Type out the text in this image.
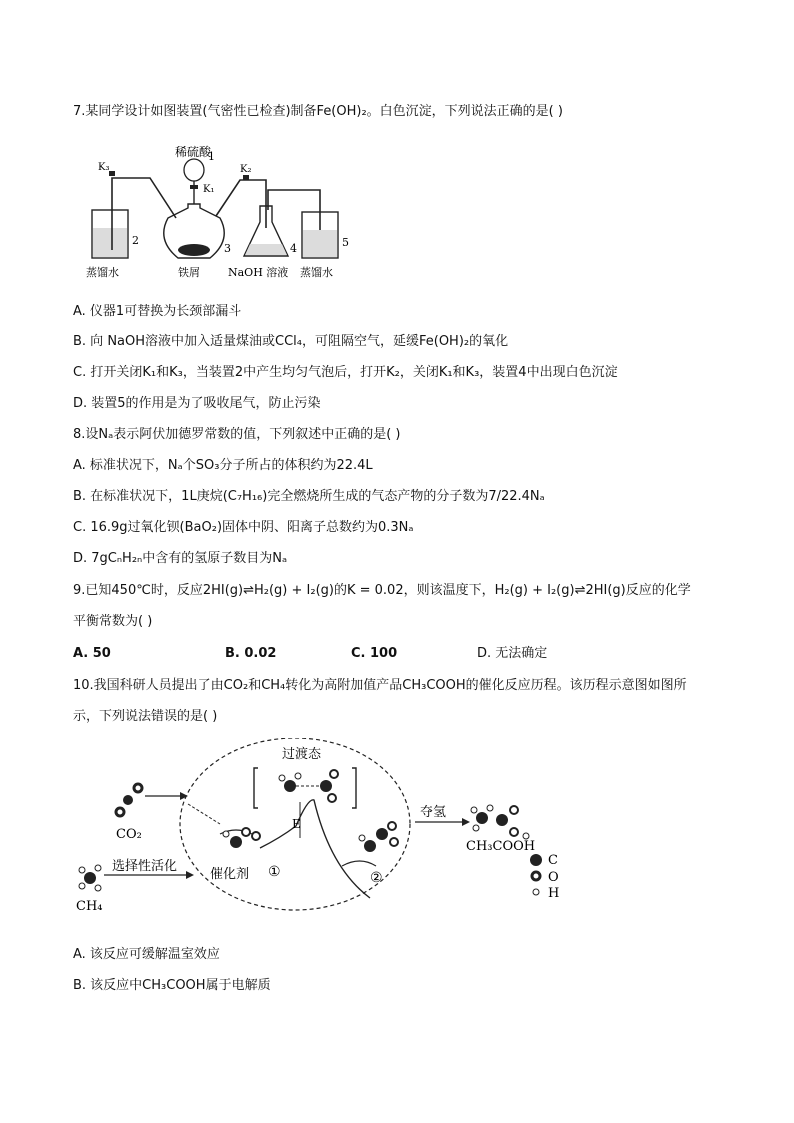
7.某同学设计如图装置(气密性已检查)制备Fe(OH)₂。白色沉淀，下列说法正确的是( )
稀硫酸
1
K₁
K₃	K₂
2
3	4	5
蒸馏水	铁屑	NaOH 溶液 蒸馏水
A. 仪器1可替换为长颈部漏斗
B. 向 NaOH溶液中加入适量煤油或CCl₄，可阻隔空气，延缓Fe(OH)₂的氧化
C. 打开关闭K₁和K₃，当装置2中产生均匀气泡后，打开K₂，关闭K₁和K₃，装置4中出现白色沉淀
D. 装置5的作用是为了吸收尾气，防止污染
8.设Nₐ表示阿伏加德罗常数的值，下列叙述中正确的是( )
A. 标准状况下，Nₐ个SO₃分子所占的体积约为22.4L
B. 在标准状况下，1L庚烷(C₇H₁₆)完全燃烧所生成的气态产物的分子数为7/22.4Nₐ
C. 16.9g过氧化钡(BaO₂)固体中阴、阳离子总数约为0.3Nₐ
D. 7gCₙH₂ₙ中含有的氢原子数目为Nₐ
9.已知450℃时，反应2HI(g)⇌H₂(g) + I₂(g)的K = 0.02，则该温度下，H₂(g) + I₂(g)⇌2HI(g)反应的化学
平衡常数为( )
A. 50	B. 0.02	C. 100	D. 无法确定
10.我国科研人员提出了由CO₂和CH₄转化为高附加值产品CH₃COOH的催化反应历程。该历程示意图如图所
示，下列说法错误的是( )
CO₂
CH₄
选择性活化
催化剂 ①
过渡态
E
②
夺氢
CH₃COOH
C
O
H
A. 该反应可缓解温室效应
B. 该反应中CH₃COOH属于电解质
